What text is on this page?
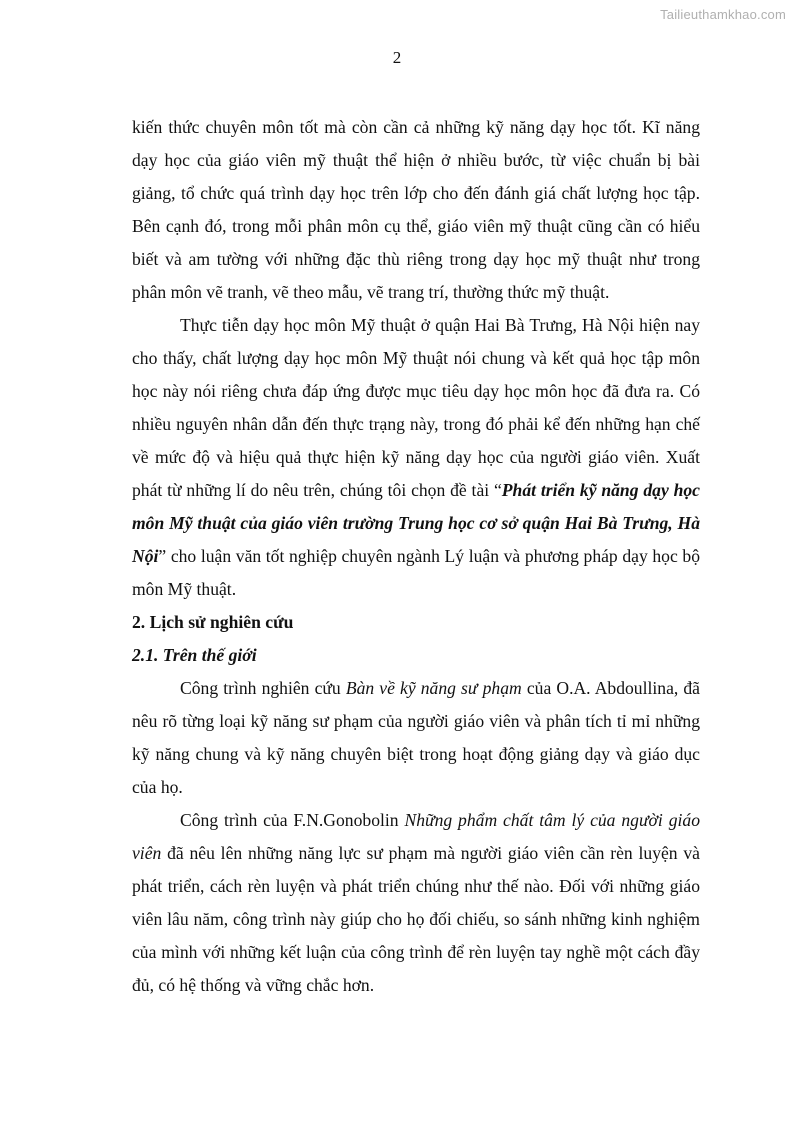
Tailieuthamkhao.com
2

kiến thức chuyên môn tốt mà còn cần cả những kỹ năng dạy học tốt. Kĩ năng dạy học của giáo viên mỹ thuật thể hiện ở nhiều bước, từ việc chuẩn bị bài giảng, tổ chức quá trình dạy học trên lớp cho đến đánh giá chất lượng học tập. Bên cạnh đó, trong mỗi phân môn cụ thể, giáo viên mỹ thuật cũng cần có hiểu biết và am tường với những đặc thù riêng trong dạy học mỹ thuật như trong phân môn vẽ tranh, vẽ theo mẫu, vẽ trang trí, thường thức mỹ thuật.

Thực tiễn dạy học môn Mỹ thuật ở quận Hai Bà Trưng, Hà Nội hiện nay cho thấy, chất lượng dạy học môn Mỹ thuật nói chung và kết quả học tập môn học này nói riêng chưa đáp ứng được mục tiêu dạy học môn học đã đưa ra. Có nhiều nguyên nhân dẫn đến thực trạng này, trong đó phải kể đến những hạn chế về mức độ và hiệu quả thực hiện kỹ năng dạy học của người giáo viên. Xuất phát từ những lí do nêu trên, chúng tôi chọn đề tài “Phát triển kỹ năng dạy học môn Mỹ thuật của giáo viên trường Trung học cơ sở quận Hai Bà Trưng, Hà Nội” cho luận văn tốt nghiệp chuyên ngành Lý luận và phương pháp dạy học bộ môn Mỹ thuật.

2. Lịch sử nghiên cứu
2.1. Trên thế giới

Công trình nghiên cứu Bàn về kỹ năng sư phạm của O.A. Abdoullina, đã nêu rõ từng loại kỹ năng sư phạm của người giáo viên và phân tích tỉ mỉ những kỹ năng chung và kỹ năng chuyên biệt trong hoạt động giảng dạy và giáo dục của họ.

Công trình của F.N.Gonobolin Những phẩm chất tâm lý của người giáo viên đã nêu lên những năng lực sư phạm mà người giáo viên cần rèn luyện và phát triển, cách rèn luyện và phát triển chúng như thế nào. Đối với những giáo viên lâu năm, công trình này giúp cho họ đối chiếu, so sánh những kinh nghiệm của mình với những kết luận của công trình để rèn luyện tay nghề một cách đầy đủ, có hệ thống và vững chắc hơn.
